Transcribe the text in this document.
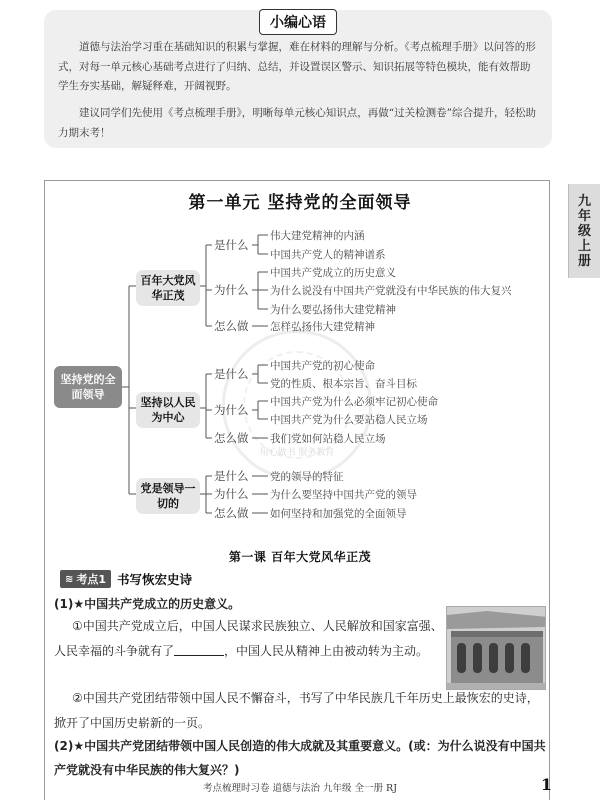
小编心语

道德与法治学习重在基础知识的积累与掌握，难在材料的理解与分析。《考点梳理手册》以问答的形式，对每一单元核心基础考点进行了归纳、总结，并设置误区警示、知识拓展等特色模块，能有效帮助学生夯实基础，解疑释难，开阔视野。

建议同学们先使用《考点梳理手册》，明晰每单元核心知识点，再做“过关检测卷”综合提升，轻松助力期末考！

九
年
级
上
册
第一单元 坚持党的全面领导
用心做书 服务教育
坚持党的全面领导
百年大党风华正茂
坚持以人民为中心
党是领导一切的
是什么
伟大建党精神的内涵
中国共产党人的精神谱系
为什么
中国共产党成立的历史意义
为什么说没有中国共产党就没有中华民族的伟大复兴
为什么要弘扬伟大建党精神
怎么做 怎样弘扬伟大建党精神
是什么
中国共产党的初心使命
党的性质、根本宗旨、奋斗目标
为什么
中国共产党为什么必须牢记初心使命
中国共产党为什么要站稳人民立场
怎么做 我们党如何站稳人民立场
是什么 党的领导的特征
为什么 为什么要坚持中国共产党的领导
怎么做 如何坚持和加强党的全面领导
第一课 百年大党风华正茂
≋ 考点1 书写恢宏史诗
(1)★中国共产党成立的历史意义。
①中国共产党成立后，中国人民谋求民族独立、人民解放和国家富强、人民幸福的斗争就有了	，中国人民从精神上由被动转为主动。
②中国共产党团结带领中国人民不懈奋斗，书写了中华民族几千年历史上最恢宏的史诗，掀开了中国历史崭新的一页。
(2)★中国共产党团结带领中国人民创造的伟大成就及其重要意义。(或：为什么说没有中国共产党就没有中华民族的伟大复兴？)
考点梳理时习卷 道德与法治 九年级 全一册 RJ	1
